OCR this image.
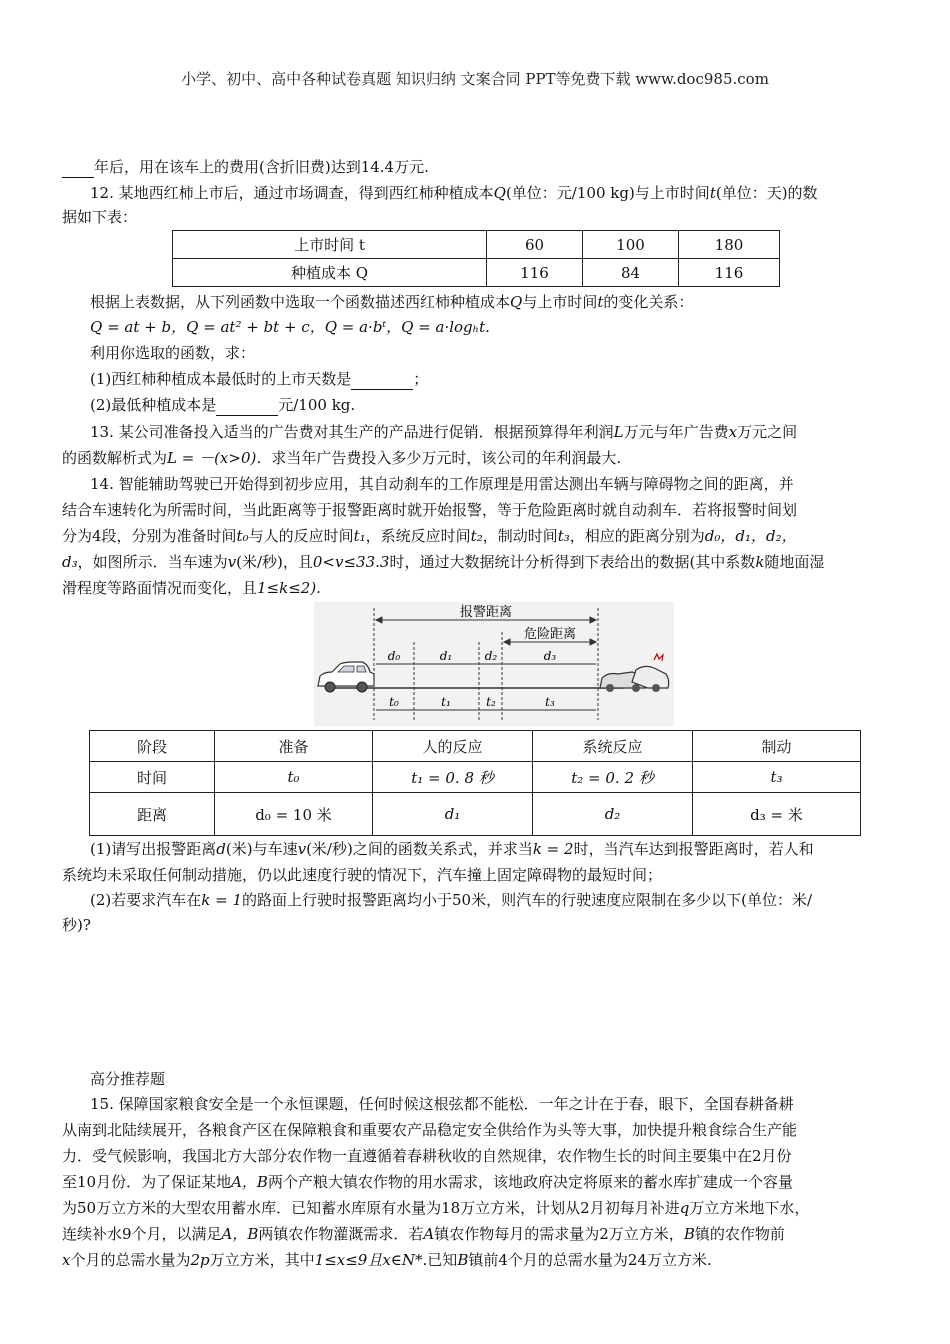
小学、初中、高中各种试卷真题 知识归纳 文案合同 PPT等免费下载 www.doc985.com
年后，用在该车上的费用(含折旧费)达到14.4万元.
12. 某地西红柿上市后，通过市场调查，得到西红柿种植成本Q(单位：元/100 kg)与上市时间t(单位：天)的数
据如下表：
上市时间 t	60	100	180
种植成本 Q	116	84	116
根据上表数据，从下列函数中选取一个函数描述西红柿种植成本Q与上市时间t的变化关系：
Q = at + b，Q = at² + bt + c，Q = a·bᵗ，Q = a·logₕt.
利用你选取的函数，求：
(1)西红柿种植成本最低时的上市天数是	；
(2)最低种植成本是	元/100 kg.
13. 某公司准备投入适当的广告费对其生产的产品进行促销．根据预算得年利润L万元与年广告费x万元之间
的函数解析式为L = －(x>0)．求当年广告费投入多少万元时，该公司的年利润最大.
14. 智能辅助驾驶已开始得到初步应用，其自动刹车的工作原理是用雷达测出车辆与障碍物之间的距离，并
结合车速转化为所需时间，当此距离等于报警距离时就开始报警，等于危险距离时就自动刹车．若将报警时间划
分为4段，分别为准备时间t₀与人的反应时间t₁，系统反应时间t₂，制动时间t₃，相应的距离分别为d₀，d₁，d₂，
d₃，如图所示．当车速为v(米/秒)，且0<v≤33.3时，通过大数据统计分析得到下表给出的数据(其中系数k随地面湿
滑程度等路面情况而变化，且1≤k≤2).
报警距离
危险距离
d₀	d₁	d₂	d₃
t₀	t₁	t₂	t₃
阶段	准备	人的反应	系统反应	制动
时间	t₀	t₁ = 0. 8 秒	t₂ = 0. 2 秒	t₃
距离	d₀ = 10 米	d₁	d₂	d₃ = 米
(1)请写出报警距离d(米)与车速v(米/秒)之间的函数关系式，并求当k = 2时，当汽车达到报警距离时，若人和
系统均未采取任何制动措施，仍以此速度行驶的情况下，汽车撞上固定障碍物的最短时间；
(2)若要求汽车在k = 1的路面上行驶时报警距离均小于50米，则汽车的行驶速度应限制在多少以下(单位：米/
秒)?
高分推荐题
15. 保障国家粮食安全是一个永恒课题，任何时候这根弦都不能松．一年之计在于春，眼下，全国春耕备耕
从南到北陆续展开，各粮食产区在保障粮食和重要农产品稳定安全供给作为头等大事，加快提升粮食综合生产能
力．受气候影响，我国北方大部分农作物一直遵循着春耕秋收的自然规律，农作物生长的时间主要集中在2月份
至10月份．为了保证某地A，B两个产粮大镇农作物的用水需求，该地政府决定将原来的蓄水库扩建成一个容量
为50万立方米的大型农用蓄水库．已知蓄水库原有水量为18万立方米，计划从2月初每月补进q万立方米地下水，
连续补水9个月，以满足A，B两镇农作物灌溉需求．若A镇农作物每月的需求量为2万立方米，B镇的农作物前
x个月的总需水量为2p万立方米，其中1≤x≤9且x∈N*.已知B镇前4个月的总需水量为24万立方米.
